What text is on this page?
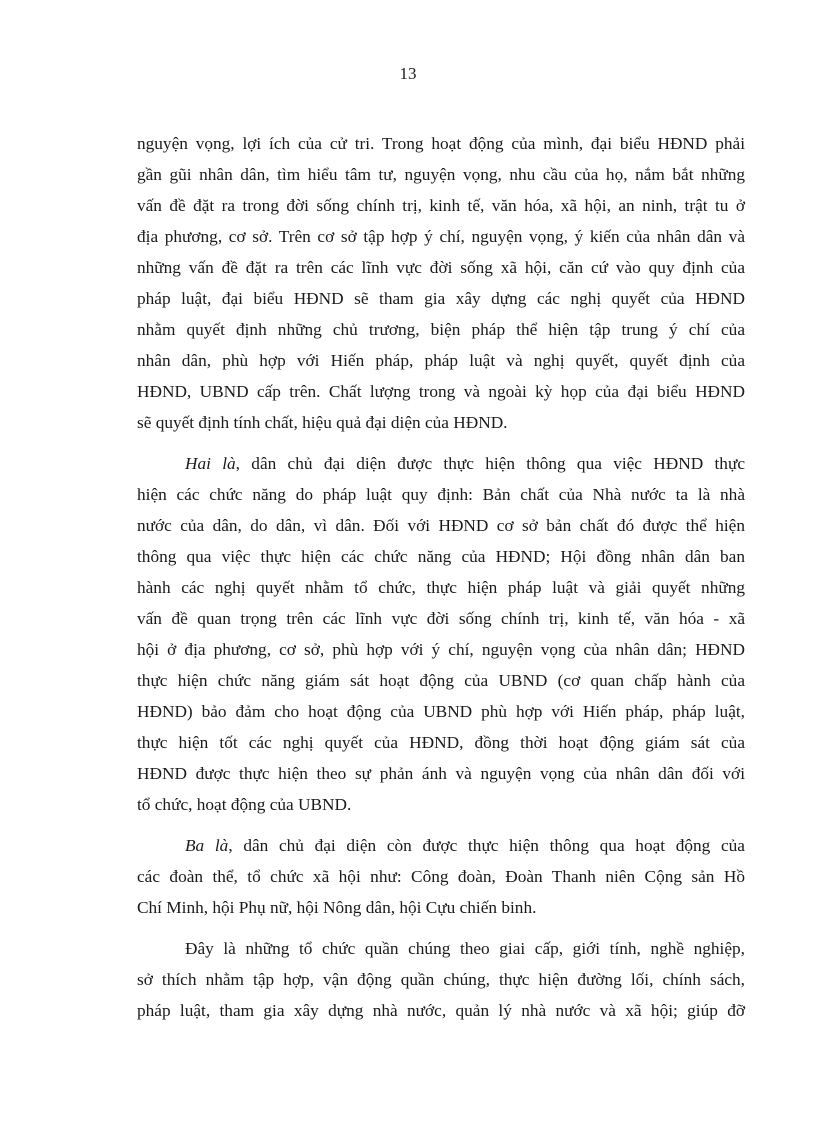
13

nguyện vọng, lợi ích của cử tri. Trong hoạt động của mình, đại biểu HĐND phải
gần gũi nhân dân, tìm hiểu tâm tư, nguyện vọng, nhu cầu của họ, nắm bắt những
vấn đề đặt ra trong đời sống chính trị, kinh tế, văn hóa, xã hội, an ninh, trật tu ở
địa phương, cơ sở. Trên cơ sở tập hợp ý chí, nguyện vọng, ý kiến của nhân dân và
những vấn đề đặt ra trên các lĩnh vực đời sống xã hội, căn cứ vào quy định của
pháp luật, đại biểu HĐND sẽ tham gia xây dựng các nghị quyết của HĐND
nhằm quyết định những chủ trương, biện pháp thể hiện tập trung ý chí của
nhân dân, phù hợp với Hiến pháp, pháp luật và nghị quyết, quyết định của
HĐND, UBND cấp trên. Chất lượng trong và ngoài kỳ họp của đại biểu HĐND
sẽ quyết định tính chất, hiệu quả đại diện của HĐND.

Hai là, dân chủ đại diện được thực hiện thông qua việc HĐND thực
hiện các chức năng do pháp luật quy định: Bản chất của Nhà nước ta là nhà
nước của dân, do dân, vì dân. Đối với HĐND cơ sở bản chất đó được thể hiện
thông qua việc thực hiện các chức năng của HĐND; Hội đồng nhân dân ban
hành các nghị quyết nhằm tổ chức, thực hiện pháp luật và giải quyết những
vấn đề quan trọng trên các lĩnh vực đời sống chính trị, kinh tế, văn hóa - xã
hội ở địa phương, cơ sở, phù hợp với ý chí, nguyện vọng của nhân dân; HĐND
thực hiện chức năng giám sát hoạt động của UBND (cơ quan chấp hành của
HĐND) bảo đảm cho hoạt động của UBND phù hợp với Hiến pháp, pháp luật,
thực hiện tốt các nghị quyết của HĐND, đồng thời hoạt động giám sát của
HĐND được thực hiện theo sự phản ánh và nguyện vọng của nhân dân đối với
tổ chức, hoạt động của UBND.

Ba là, dân chủ đại diện còn được thực hiện thông qua hoạt động của
các đoàn thể, tổ chức xã hội như: Công đoàn, Đoàn Thanh niên Cộng sản Hồ
Chí Minh, hội Phụ nữ, hội Nông dân, hội Cựu chiến binh.

Đây là những tổ chức quần chúng theo giai cấp, giới tính, nghề nghiệp,
sở thích nhằm tập hợp, vận động quần chúng, thực hiện đường lối, chính sách,
pháp luật, tham gia xây dựng nhà nước, quản lý nhà nước và xã hội; giúp đỡ
